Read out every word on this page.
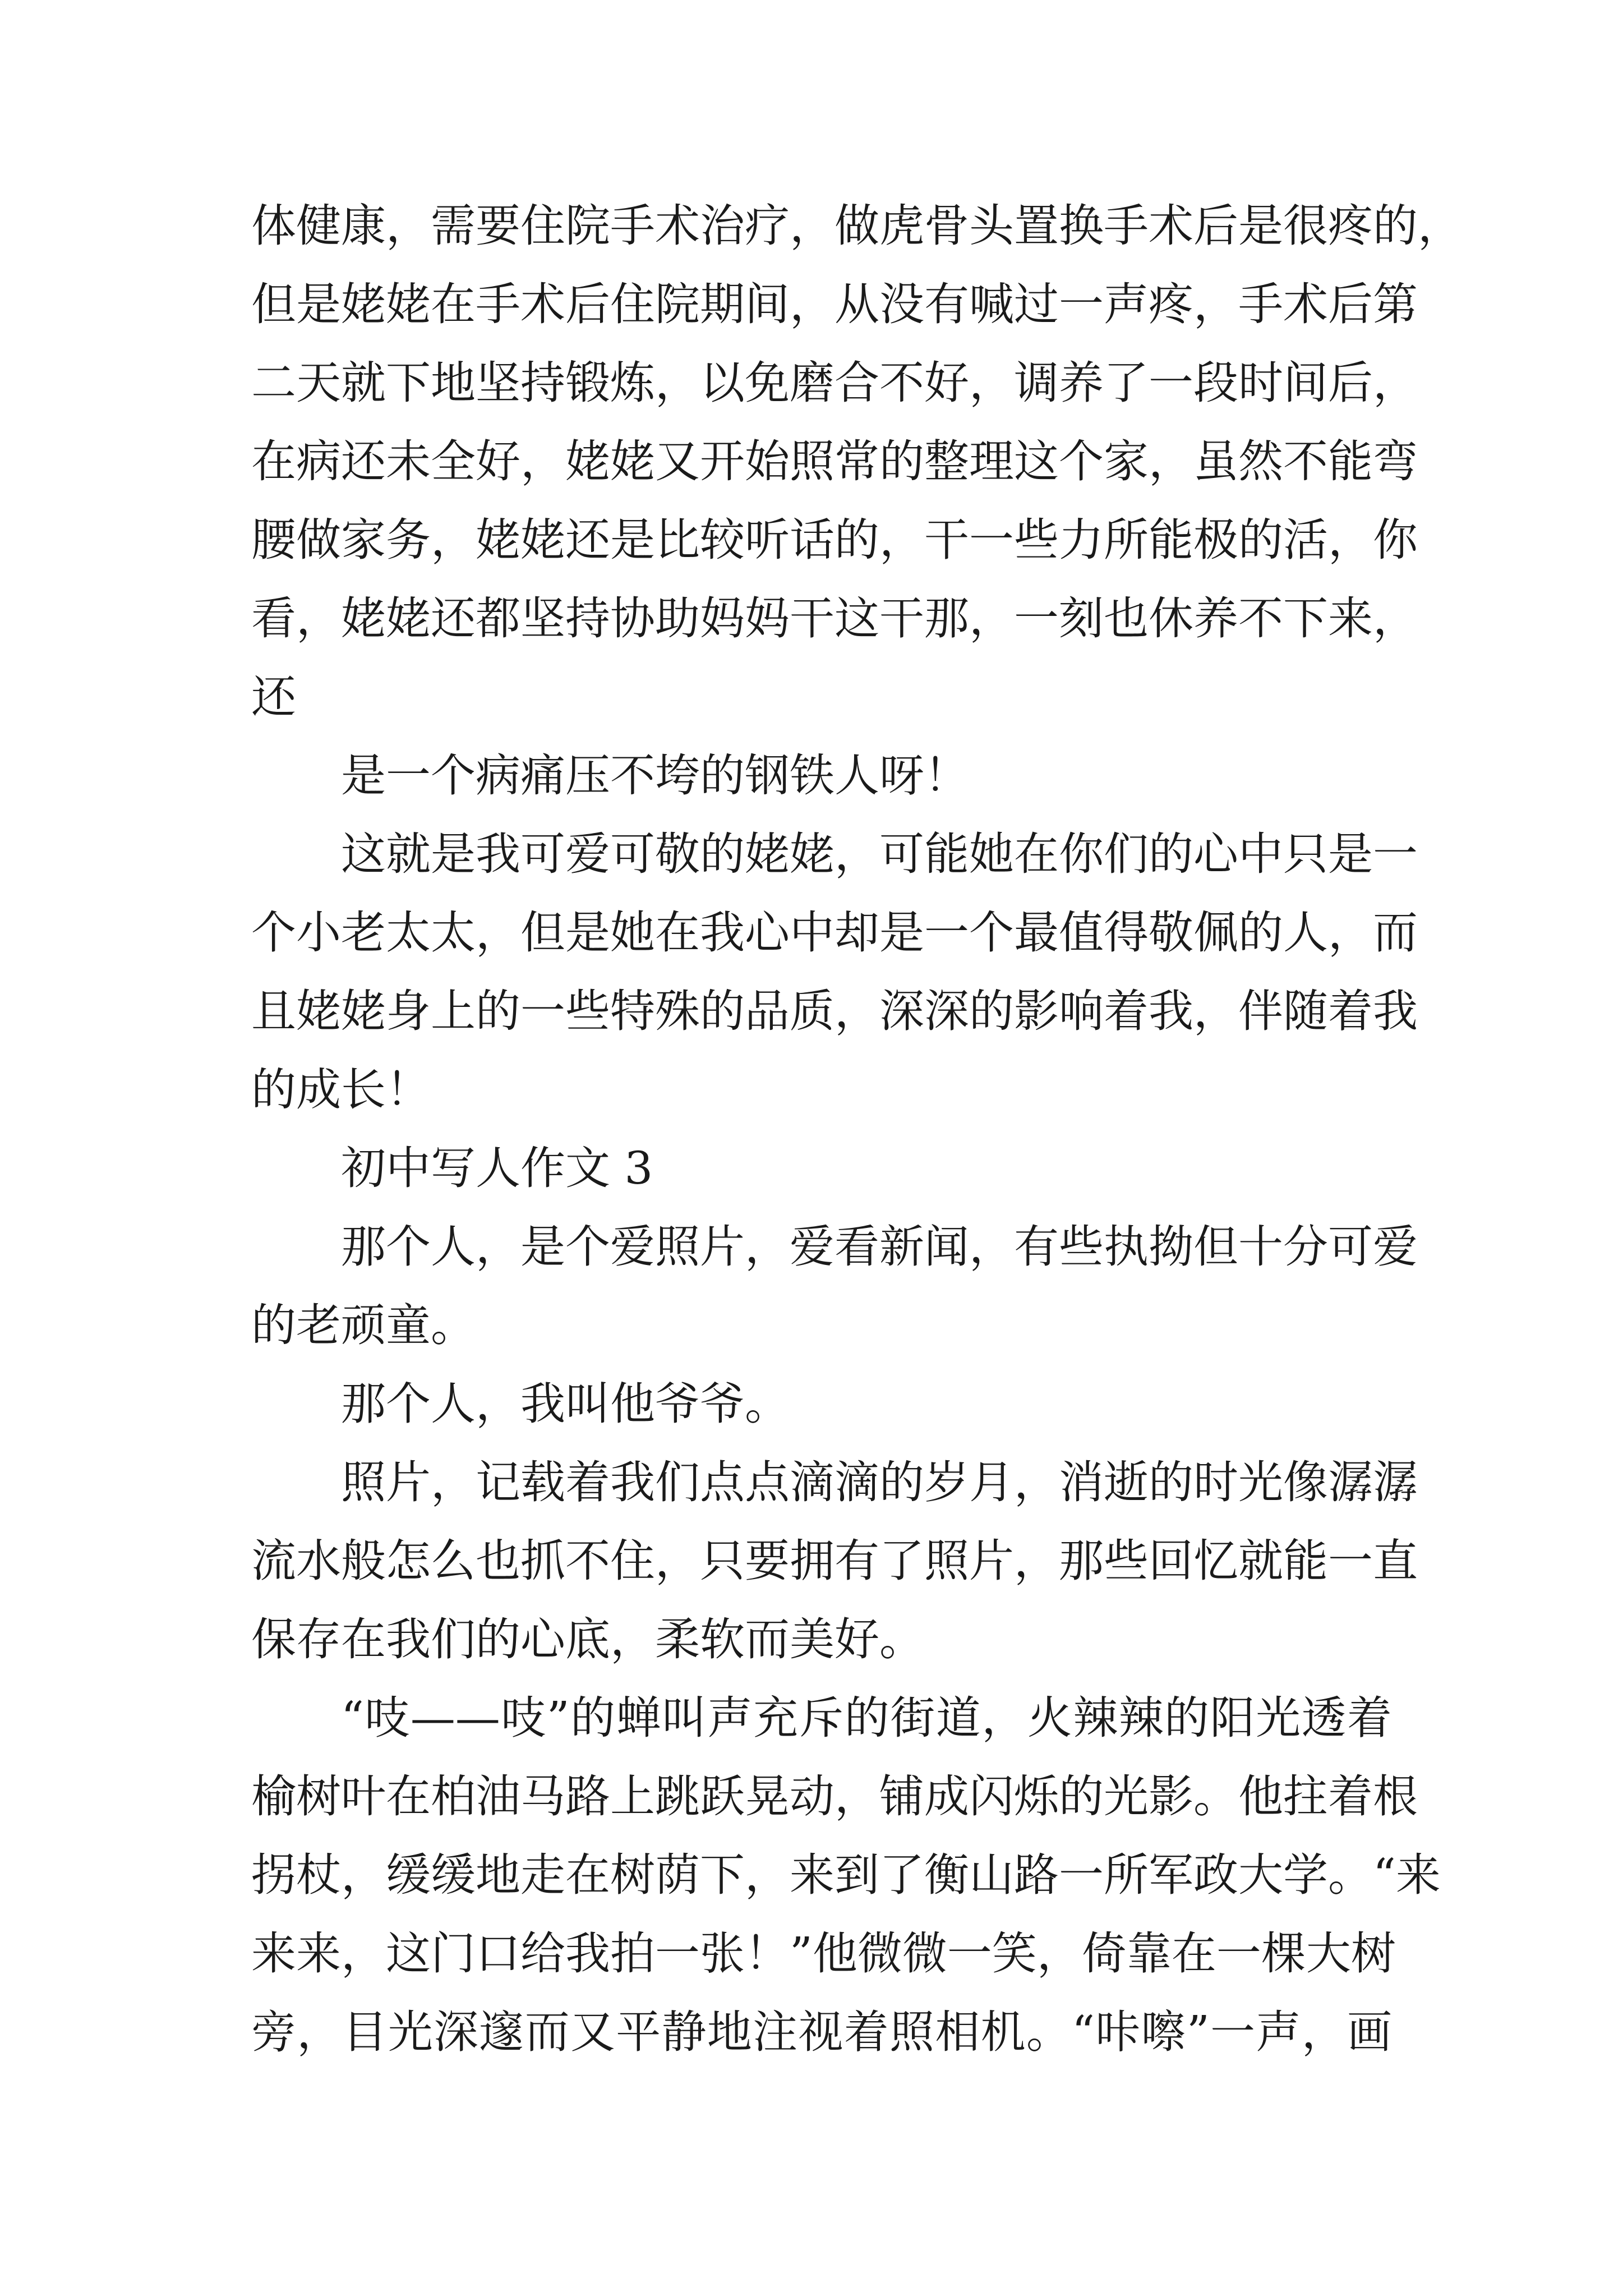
体健康，需要住院手术治疗，做虎骨头置换手术后是很疼的，
但是姥姥在手术后住院期间，从没有喊过一声疼，手术后第
二天就下地坚持锻炼，以免磨合不好，调养了一段时间后，
在病还未全好，姥姥又开始照常的整理这个家，虽然不能弯
腰做家务，姥姥还是比较听话的，干一些力所能极的活，你
看，姥姥还都坚持协助妈妈干这干那，一刻也休养不下来，
还
是一个病痛压不垮的钢铁人呀！
这就是我可爱可敬的姥姥，可能她在你们的心中只是一
个小老太太，但是她在我心中却是一个最值得敬佩的人，而
且姥姥身上的一些特殊的品质，深深的影响着我，伴随着我
的成长！
初中写人作文 3
那个人，是个爱照片，爱看新闻，有些执拗但十分可爱
的老顽童。
那个人，我叫他爷爷。
照片，记载着我们点点滴滴的岁月，消逝的时光像潺潺
流水般怎么也抓不住，只要拥有了照片，那些回忆就能一直
保存在我们的心底，柔软而美好。
“吱——吱”的蝉叫声充斥的街道，火辣辣的阳光透着
榆树叶在柏油马路上跳跃晃动，铺成闪烁的光影。他拄着根
拐杖，缓缓地走在树荫下，来到了衡山路一所军政大学。“来
来来，这门口给我拍一张！”他微微一笑，倚靠在一棵大树
旁，目光深邃而又平静地注视着照相机。“咔嚓”一声，画
